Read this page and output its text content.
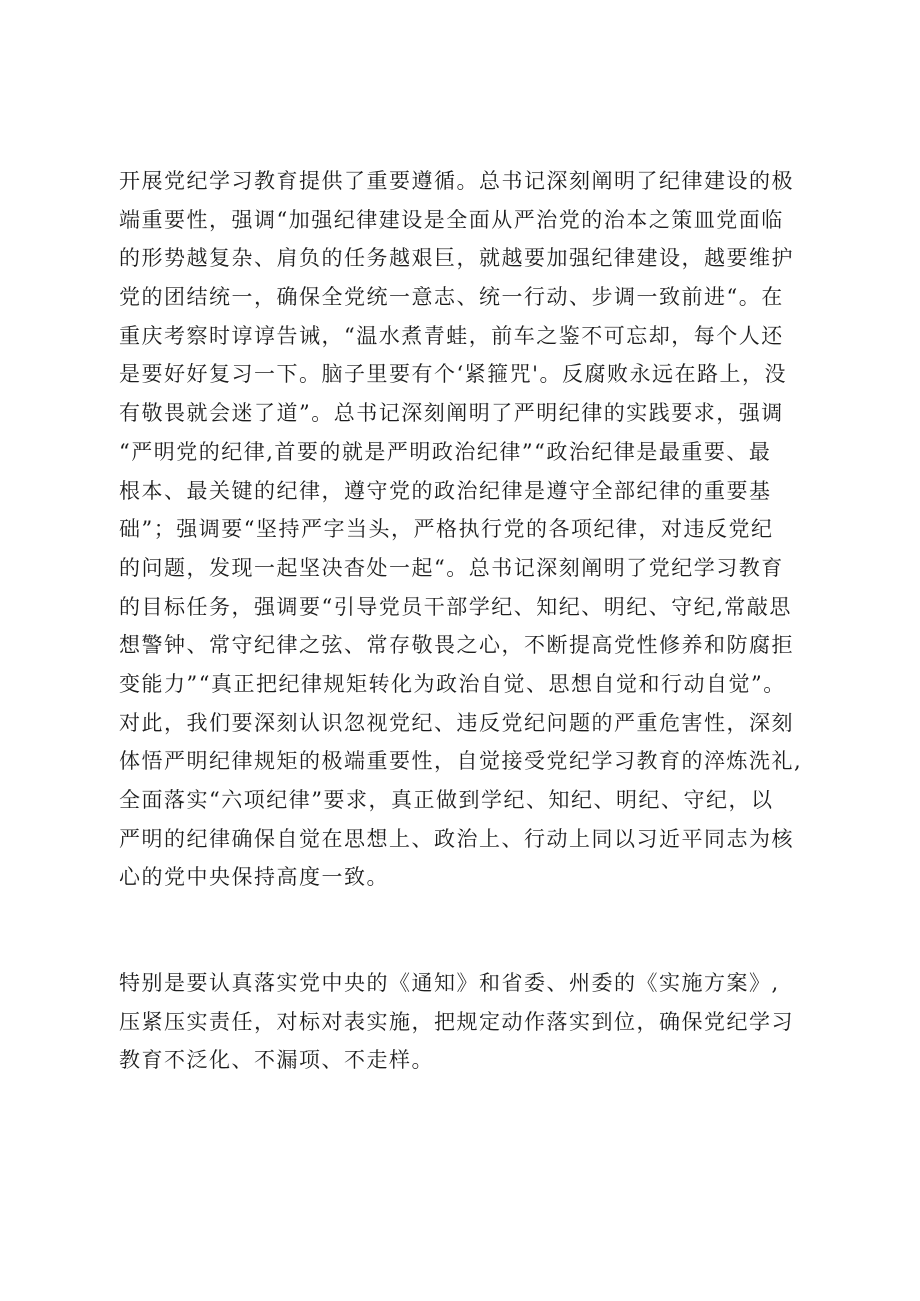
开展党纪学习教育提供了重要遵循。总书记深刻阐明了纪律建设的极
端重要性，强调“加强纪律建设是全面从严治党的治本之策皿党面临
的形势越复杂、肩负的任务越艰巨，就越要加强纪律建设，越要维护
党的团结统一，确保全党统一意志、统一行动、步调一致前进“。在
重庆考察时谆谆告诫，“温水煮青蛙，前车之鉴不可忘却，每个人还
是要好好复习一下。脑子里要有个‘紧箍咒'。反腐败永远在路上，没
有敬畏就会迷了道”。总书记深刻阐明了严明纪律的实践要求，强调
“严明党的纪律,首要的就是严明政治纪律”“政治纪律是最重要、最
根本、最关键的纪律，遵守党的政治纪律是遵守全部纪律的重要基
础”；强调要“坚持严字当头，严格执行党的各项纪律，对违反党纪
的问题，发现一起坚决杳处一起“。总书记深刻阐明了党纪学习教育
的目标任务，强调要“引导党员干部学纪、知纪、明纪、守纪,常敲思
想警钟、常守纪律之弦、常存敬畏之心，不断提高党性修养和防腐拒
变能力”“真正把纪律规矩转化为政治自觉、思想自觉和行动自觉”。
对此，我们要深刻认识忽视党纪、违反党纪问题的严重危害性，深刻
体悟严明纪律规矩的极端重要性，自觉接受党纪学习教育的淬炼洗礼,
全面落实“六项纪律”要求，真正做到学纪、知纪、明纪、守纪，以
严明的纪律确保自觉在思想上、政治上、行动上同以习近平同志为核
心的党中央保持高度一致。
特别是要认真落实党中央的《通知》和省委、州委的《实施方案》,
压紧压实责任，对标对表实施，把规定动作落实到位，确保党纪学习
教育不泛化、不漏项、不走样。
